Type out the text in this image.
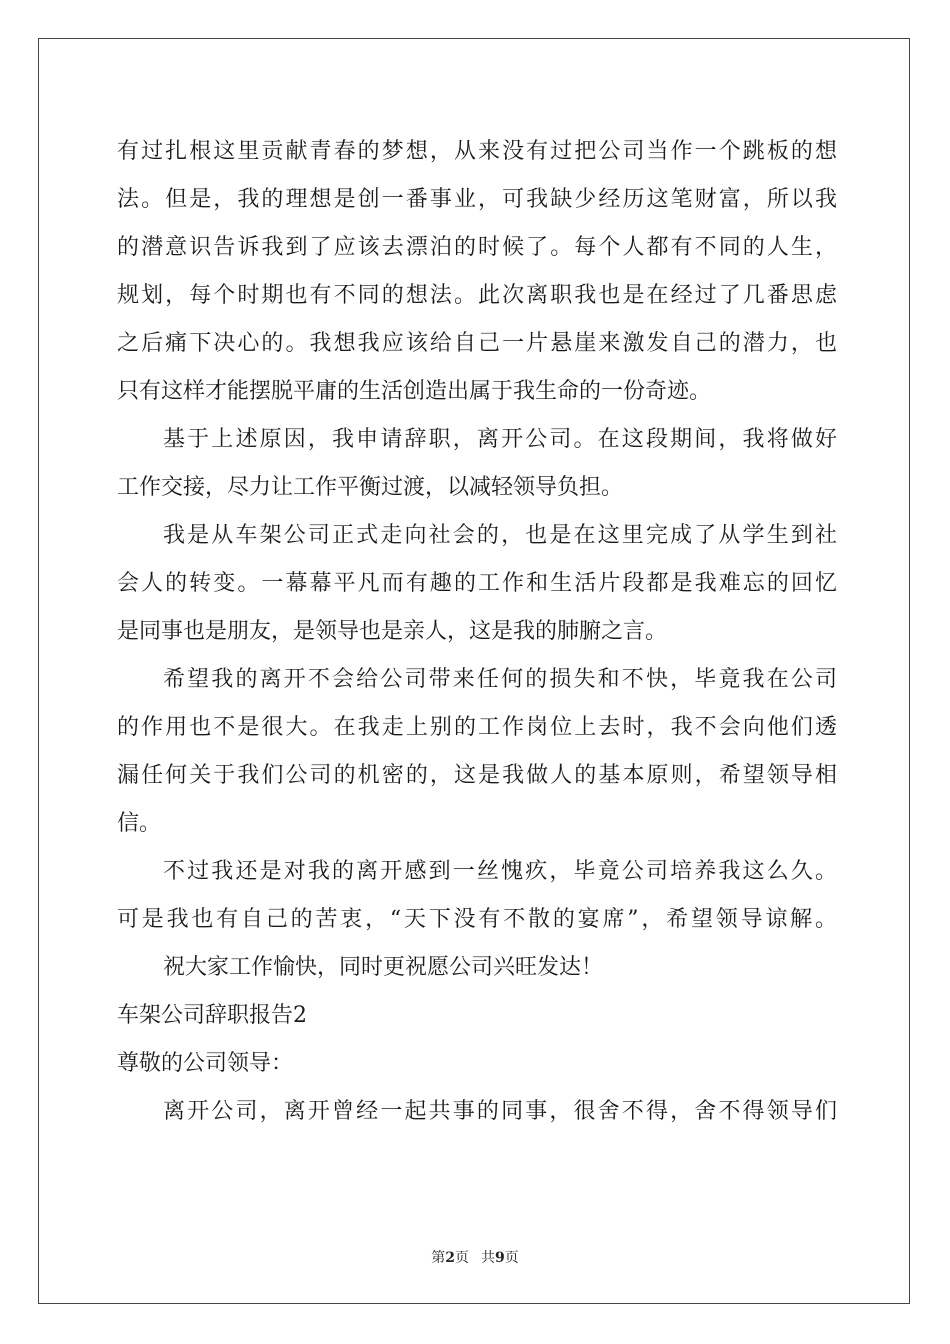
有过扎根这里贡献青春的梦想，从来没有过把公司当作一个跳板的想
法。但是，我的理想是创一番事业，可我缺少经历这笔财富，所以我
的潜意识告诉我到了应该去漂泊的时候了。每个人都有不同的人生，
规划，每个时期也有不同的想法。此次离职我也是在经过了几番思虑
之后痛下决心的。我想我应该给自己一片悬崖来激发自己的潜力，也
只有这样才能摆脱平庸的生活创造出属于我生命的一份奇迹。
基于上述原因，我申请辞职，离开公司。在这段期间，我将做好
工作交接，尽力让工作平衡过渡，以减轻领导负担。
我是从车架公司正式走向社会的，也是在这里完成了从学生到社
会人的转变。一幕幕平凡而有趣的工作和生活片段都是我难忘的回忆
是同事也是朋友，是领导也是亲人，这是我的肺腑之言。
希望我的离开不会给公司带来任何的损失和不快，毕竟我在公司
的作用也不是很大。在我走上别的工作岗位上去时，我不会向他们透
漏任何关于我们公司的机密的，这是我做人的基本原则，希望领导相
信。
不过我还是对我的离开感到一丝愧疚，毕竟公司培养我这么久。
可是我也有自己的苦衷，“天下没有不散的宴席”，希望领导谅解。
祝大家工作愉快，同时更祝愿公司兴旺发达！
车架公司辞职报告2
尊敬的公司领导：
离开公司，离开曾经一起共事的同事，很舍不得，舍不得领导们
第2页 共9页
